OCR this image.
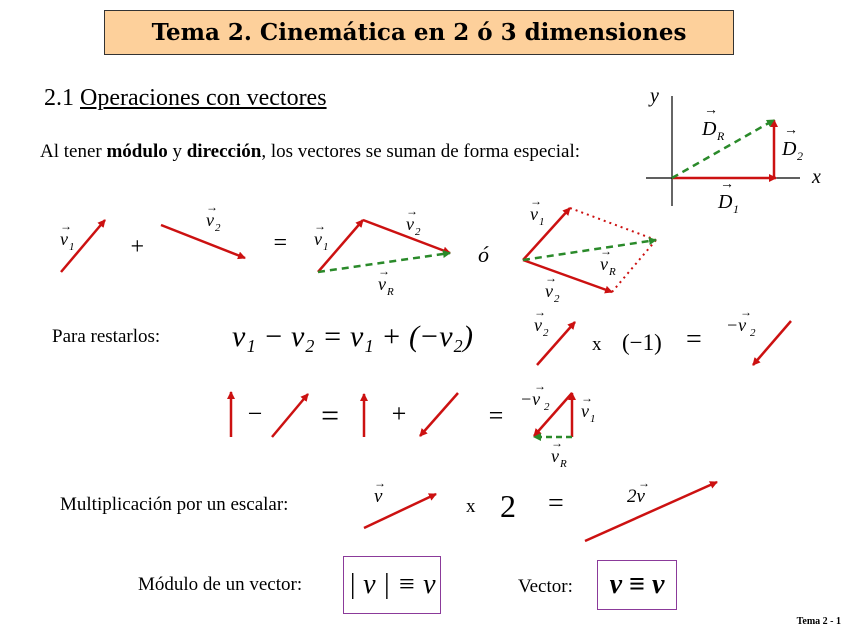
Tema 2. Cinemática en 2 ó 3 dimensiones
2.1 Operaciones con vectores
Al tener módulo y dirección, los vectores se suman de forma especial:
Para restarlos: v₁ − v₂ = v₁ + (−v₂)	x (−1) =
Multiplicación por un escalar:	x 2 =
Módulo de un vector: | v | ≡ v	Vector: v ≡ v
Tema 2 - 1
x
y
D R
→
D 2
→
D 1
→
v 1
→
+
v 2
→
= v 1
→	v 2
→
v R
→
ó
v 1
→
v 2
→
v R
→
v 2
→
−v 2
→
− = +	=
−v 2
→
v 1
→
v R
→
v
→
2v
→
